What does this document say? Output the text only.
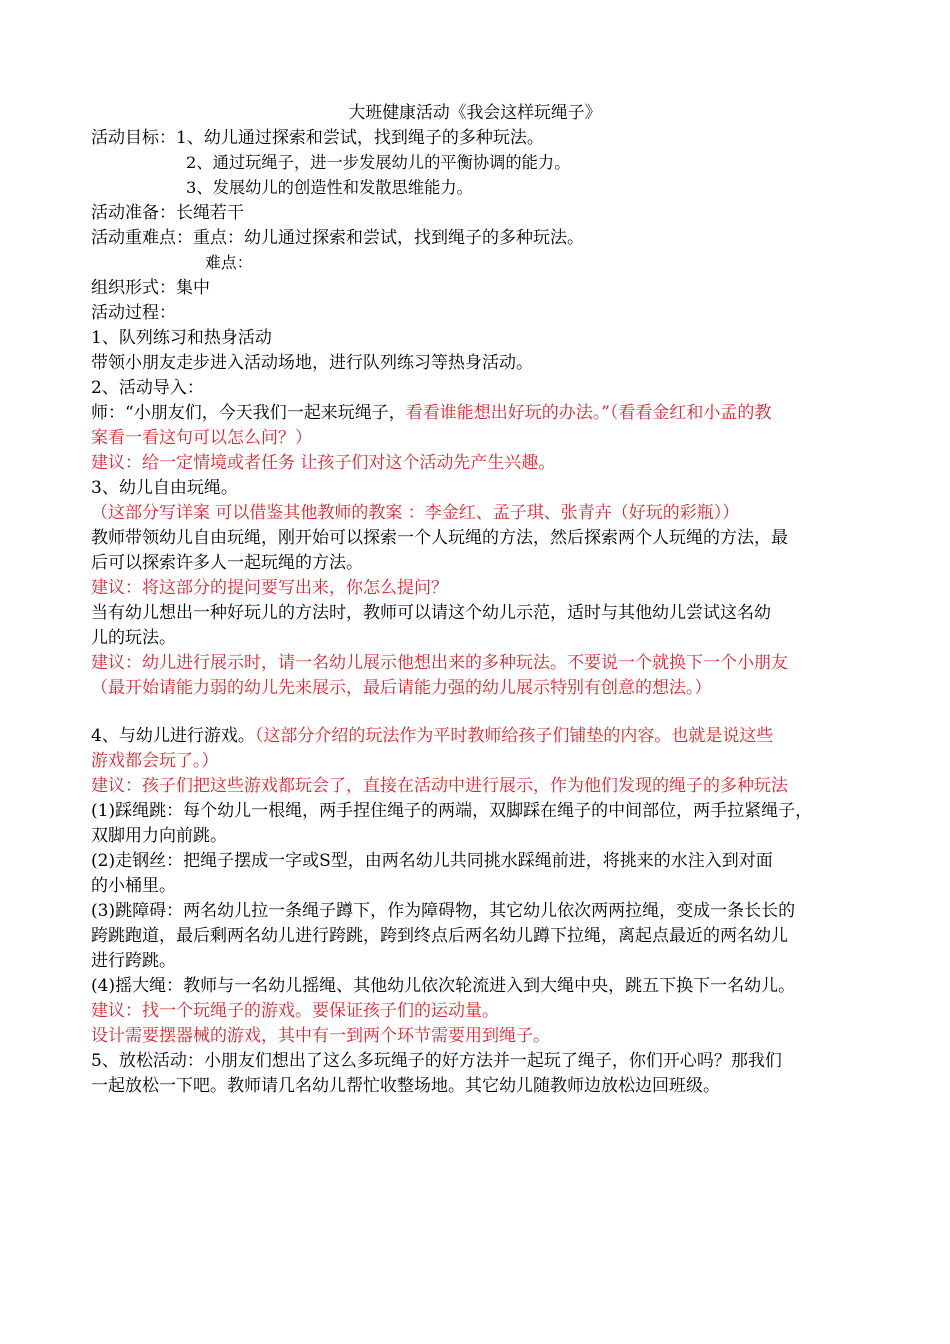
大班健康活动《我会这样玩绳子》
活动目标：1、幼儿通过探索和尝试，找到绳子的多种玩法。
2、通过玩绳子，进一步发展幼儿的平衡协调的能力。
3、发展幼儿的创造性和发散思维能力。
活动准备：长绳若干
活动重难点：重点：幼儿通过探索和尝试，找到绳子的多种玩法。
难点：
组织形式：集中
活动过程：
1、队列练习和热身活动
带领小朋友走步进入活动场地，进行队列练习等热身活动。
2、活动导入：
师：“小朋友们，今天我们一起来玩绳子，看看谁能想出好玩的办法。”（看看金红和小孟的教
案看一看这句可以怎么问？）
建议：给一定情境或者任务 让孩子们对这个活动先产生兴趣。
3、幼儿自由玩绳。
（这部分写详案 可以借鉴其他教师的教案 ：李金红、孟子琪、张青卉（好玩的彩瓶））
教师带领幼儿自由玩绳，刚开始可以探索一个人玩绳的方法，然后探索两个人玩绳的方法，最
后可以探索许多人一起玩绳的方法。
建议：将这部分的提问要写出来，你怎么提问？
当有幼儿想出一种好玩儿的方法时，教师可以请这个幼儿示范，适时与其他幼儿尝试这名幼
儿的玩法。
建议：幼儿进行展示时，请一名幼儿展示他想出来的多种玩法。不要说一个就换下一个小朋友
（最开始请能力弱的幼儿先来展示，最后请能力强的幼儿展示特别有创意的想法。）
4、与幼儿进行游戏。（这部分介绍的玩法作为平时教师给孩子们铺垫的内容。也就是说这些
游戏都会玩了。）
建议：孩子们把这些游戏都玩会了，直接在活动中进行展示，作为他们发现的绳子的多种玩法
(1)踩绳跳：每个幼儿一根绳，两手捏住绳子的两端，双脚踩在绳子的中间部位，两手拉紧绳子，
双脚用力向前跳。
(2)走钢丝：把绳子摆成一字或S型，由两名幼儿共同挑水踩绳前进，将挑来的水注入到对面
的小桶里。
(3)跳障碍：两名幼儿拉一条绳子蹲下，作为障碍物，其它幼儿依次两两拉绳，变成一条长长的
跨跳跑道，最后剩两名幼儿进行跨跳，跨到终点后两名幼儿蹲下拉绳，离起点最近的两名幼儿
进行跨跳。
(4)摇大绳：教师与一名幼儿摇绳、其他幼儿依次轮流进入到大绳中央，跳五下换下一名幼儿。
建议：找一个玩绳子的游戏。要保证孩子们的运动量。
设计需要摆器械的游戏，其中有一到两个环节需要用到绳子。
5、放松活动：小朋友们想出了这么多玩绳子的好方法并一起玩了绳子，你们开心吗？那我们
一起放松一下吧。教师请几名幼儿帮忙收整场地。其它幼儿随教师边放松边回班级。
